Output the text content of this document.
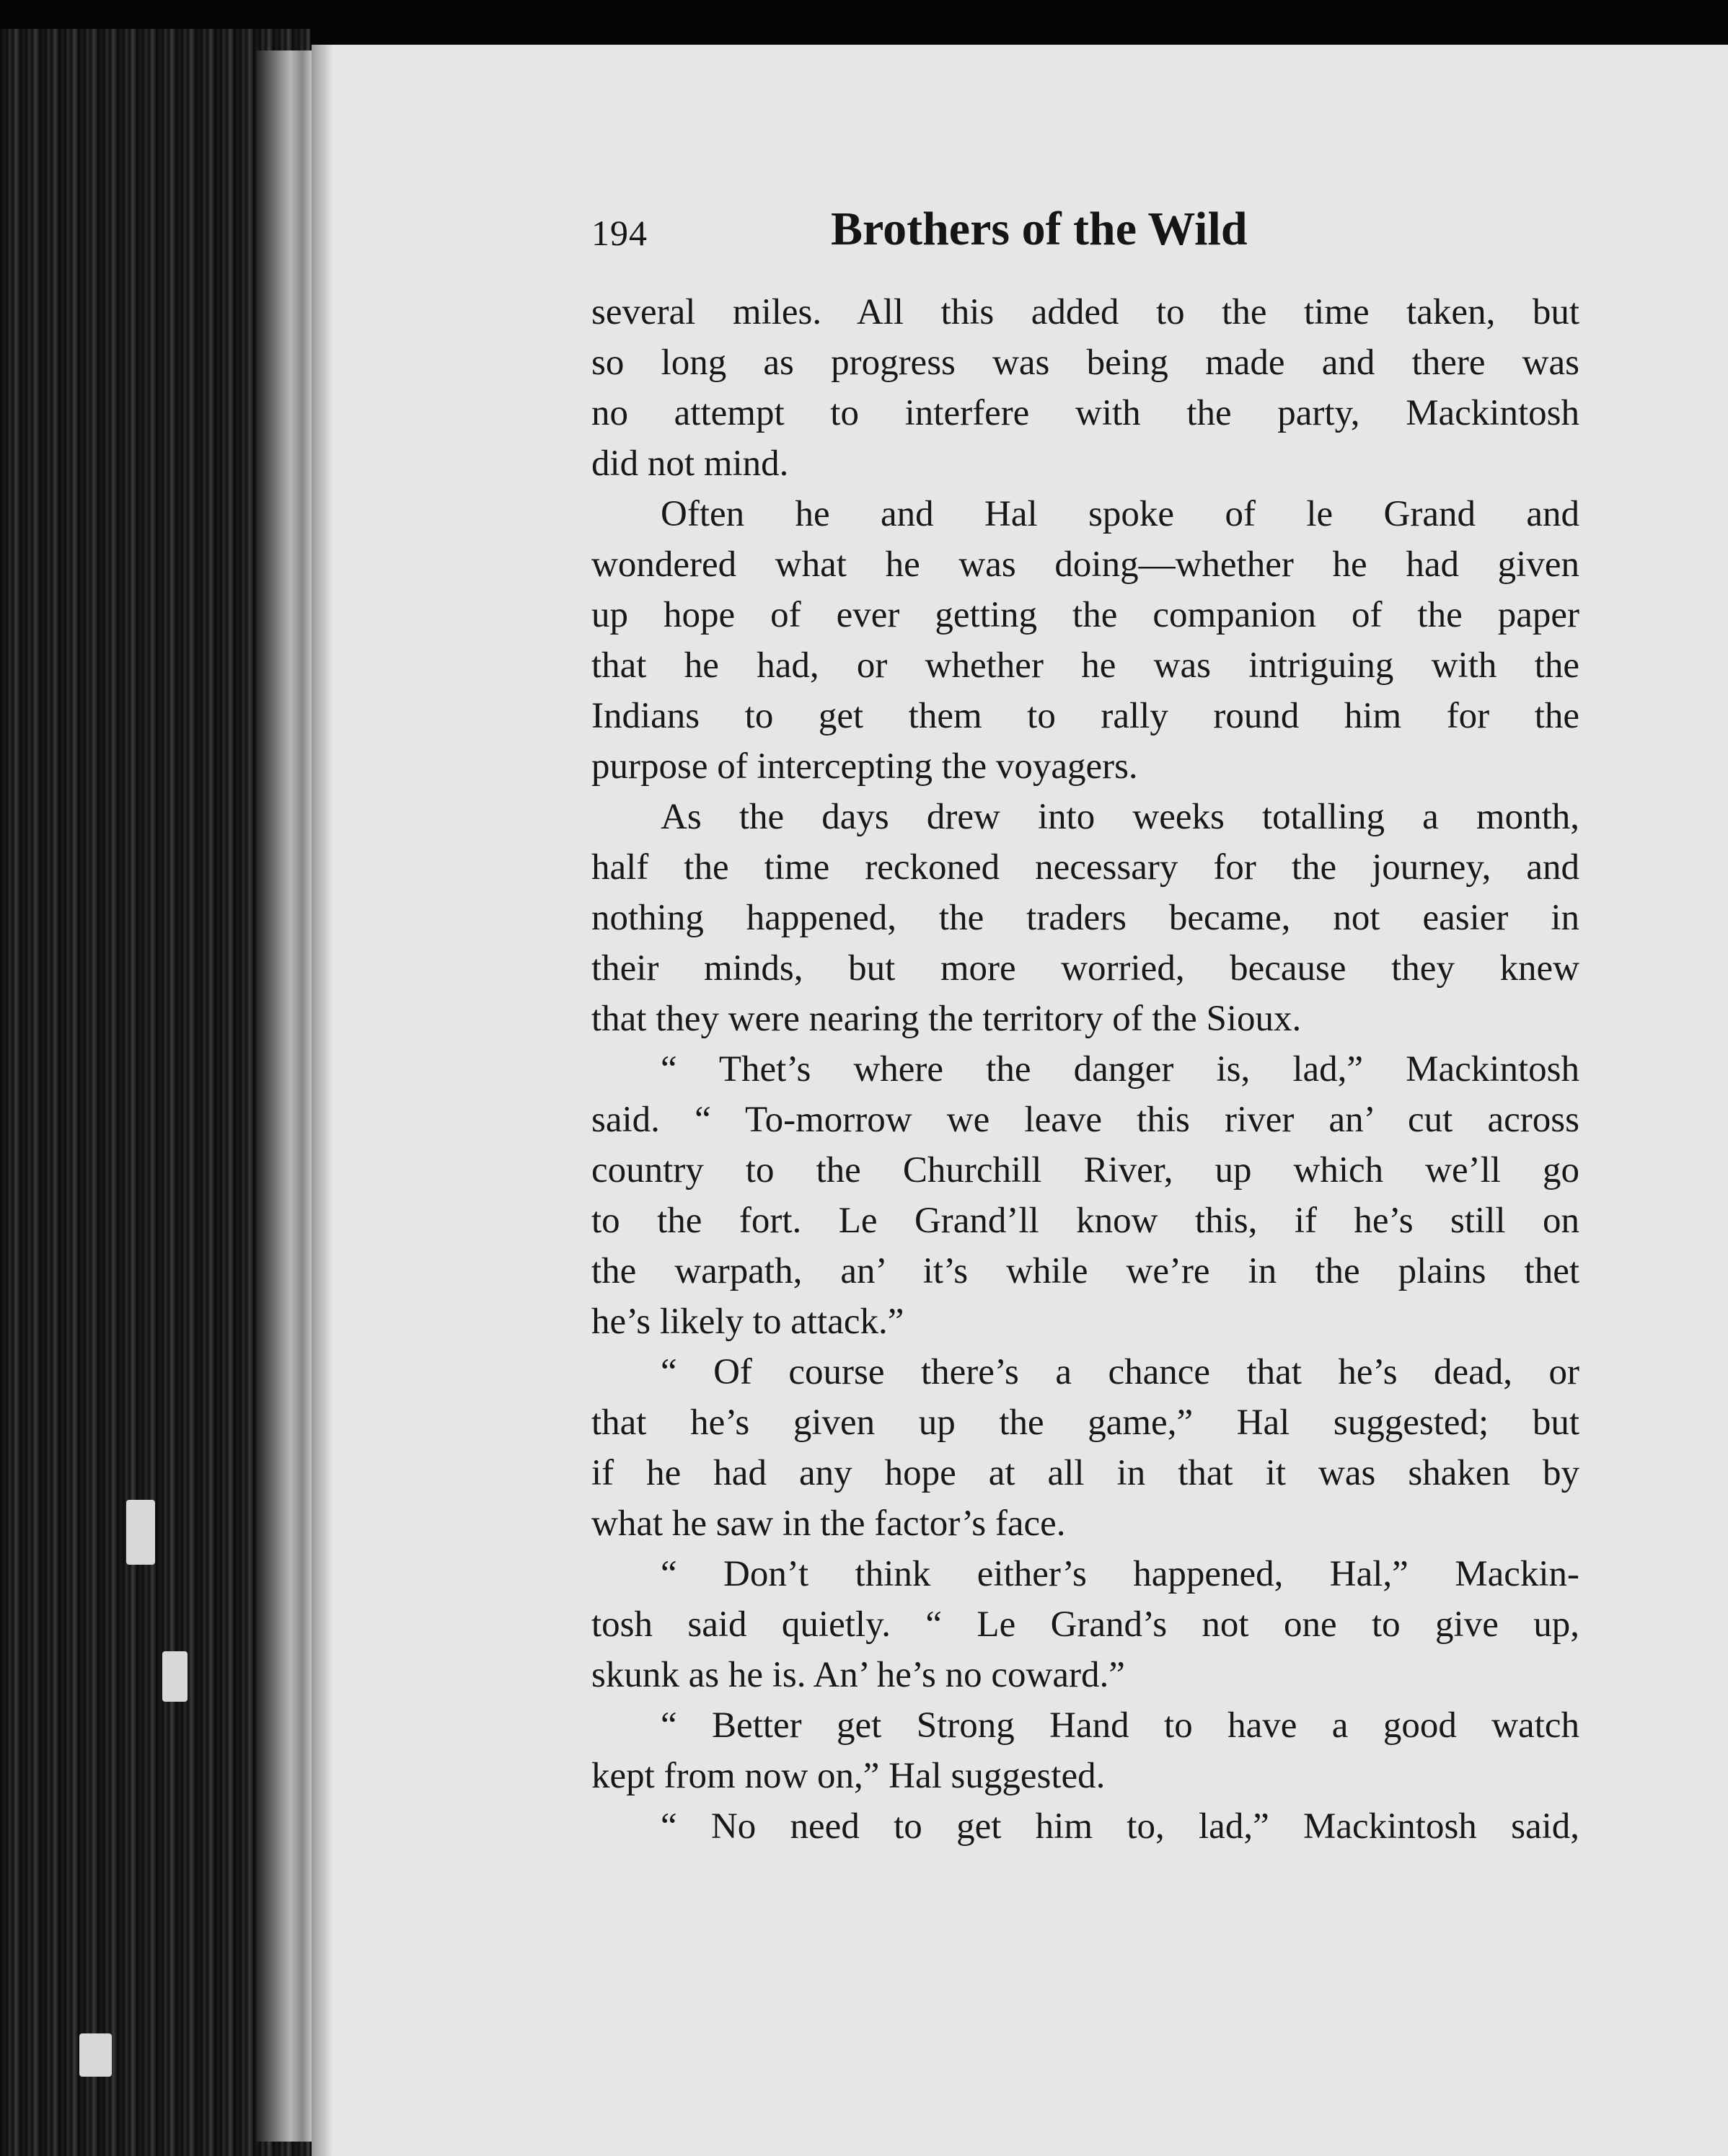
194	Brothers of the Wild
several miles. All this added to the time taken, but
so long as progress was being made and there was
no attempt to interfere with the party, Mackintosh
did not mind.
Often he and Hal spoke of le Grand and
wondered what he was doing—whether he had given
up hope of ever getting the companion of the paper
that he had, or whether he was intriguing with the
Indians to get them to rally round him for the
purpose of intercepting the voyagers.
As the days drew into weeks totalling a month,
half the time reckoned necessary for the journey, and
nothing happened, the traders became, not easier in
their minds, but more worried, because they knew
that they were nearing the territory of the Sioux.
“ Thet’s where the danger is, lad,” Mackintosh
said. “ To-morrow we leave this river an’ cut across
country to the Churchill River, up which we’ll go
to the fort. Le Grand’ll know this, if he’s still on
the warpath, an’ it’s while we’re in the plains thet
he’s likely to attack.”
“ Of course there’s a chance that he’s dead, or
that he’s given up the game,” Hal suggested; but
if he had any hope at all in that it was shaken by
what he saw in the factor’s face.
“ Don’t think either’s happened, Hal,” Mackin-
tosh said quietly. “ Le Grand’s not one to give up,
skunk as he is. An’ he’s no coward.”
“ Better get Strong Hand to have a good watch
kept from now on,” Hal suggested.
“ No need to get him to, lad,” Mackintosh said,
